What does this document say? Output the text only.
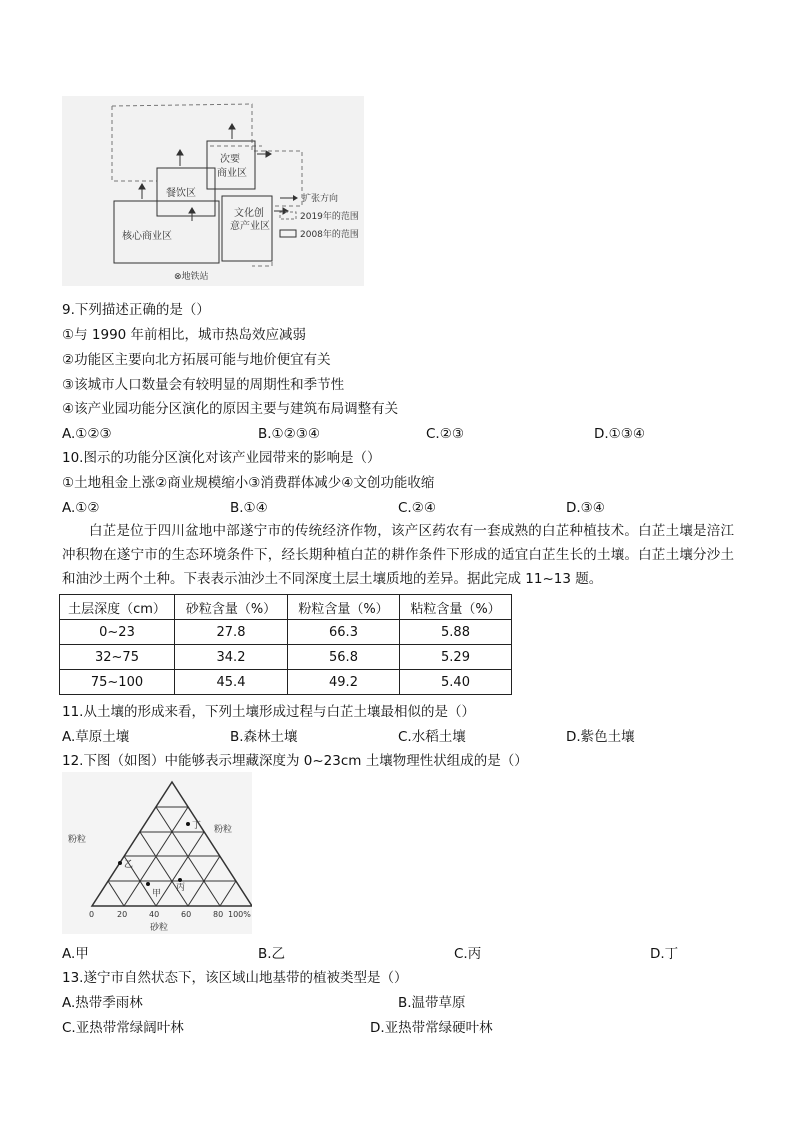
餐饮区
次要
商业区
核心商业区
文化创
意产业区
扩张方向
2019年的范围
2008年的范围
⊗地铁站
9.下列描述正确的是（）
①与 1990 年前相比，城市热岛效应减弱
②功能区主要向北方拓展可能与地价便宜有关
③该城市人口数量会有较明显的周期性和季节性
④该产业园功能分区演化的原因主要与建筑布局调整有关
A.①②③	B.①②③④	C.②③	D.①③④
10.图示的功能分区演化对该产业园带来的影响是（）
①土地租金上涨②商业规模缩小③消费群体减少④文创功能收缩
A.①②	B.①④	C.②④	D.③④
白芷是位于四川盆地中部遂宁市的传统经济作物，该产区药农有一套成熟的白芷种植技术。白芷土壤是涪江冲积物在遂宁市的生态环境条件下，经长期种植白芷的耕作条件下形成的适宜白芷生长的土壤。白芷土壤分沙土和油沙土两个土种。下表表示油沙土不同深度土层土壤质地的差异。据此完成 11~13 题。
土层深度（cm）	砂粒含量（%）	粉粒含量（%）	粘粒含量（%）
0~23	27.8	66.3	5.88
32~75	34.2	56.8	5.29
75~100	45.4	49.2	5.40
11.从土壤的形成来看，下列土壤形成过程与白芷土壤最相似的是（）
A.草原土壤	B.森林土壤	C.水稻土壤	D.紫色土壤
12.下图（如图）中能够表示埋藏深度为 0~23cm 土壤物理性状组成的是（）
丁
乙
甲
丙
粉粒
粉粒
0	20	40	60	80 100%
砂粒
A.甲	B.乙	C.丙	D.丁
13.遂宁市自然状态下，该区域山地基带的植被类型是（）
A.热带季雨林	B.温带草原
C.亚热带常绿阔叶林	D.亚热带常绿硬叶林
